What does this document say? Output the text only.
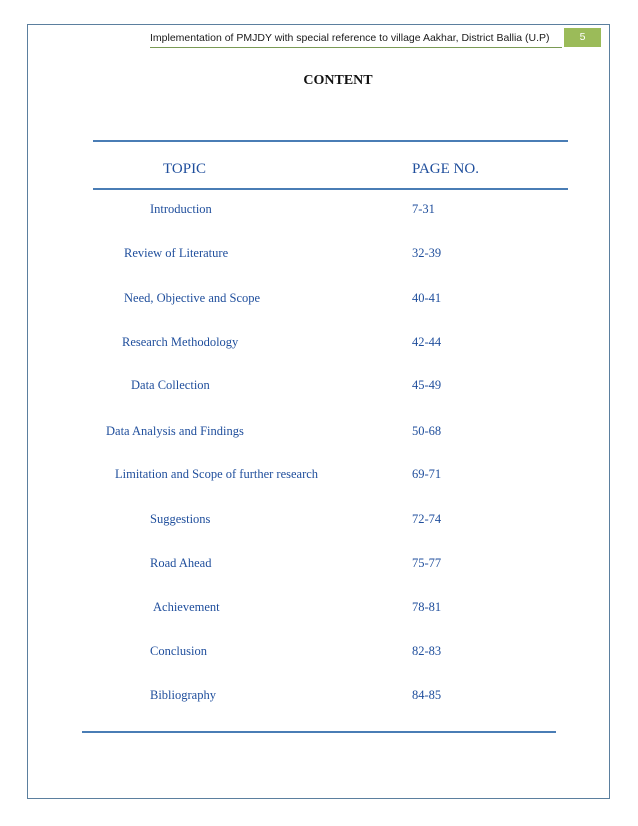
Implementation of PMJDY with special reference to village Aakhar, District Ballia (U.P)	5
CONTENT
TOPIC	PAGE NO.
Introduction	7-31
Review of Literature	32-39
Need, Objective and Scope	40-41
Research Methodology	42-44
Data Collection	45-49
Data Analysis and Findings	50-68
Limitation and Scope of further research	69-71
Suggestions	72-74
Road Ahead	75-77
Achievement	78-81
Conclusion	82-83
Bibliography	84-85
